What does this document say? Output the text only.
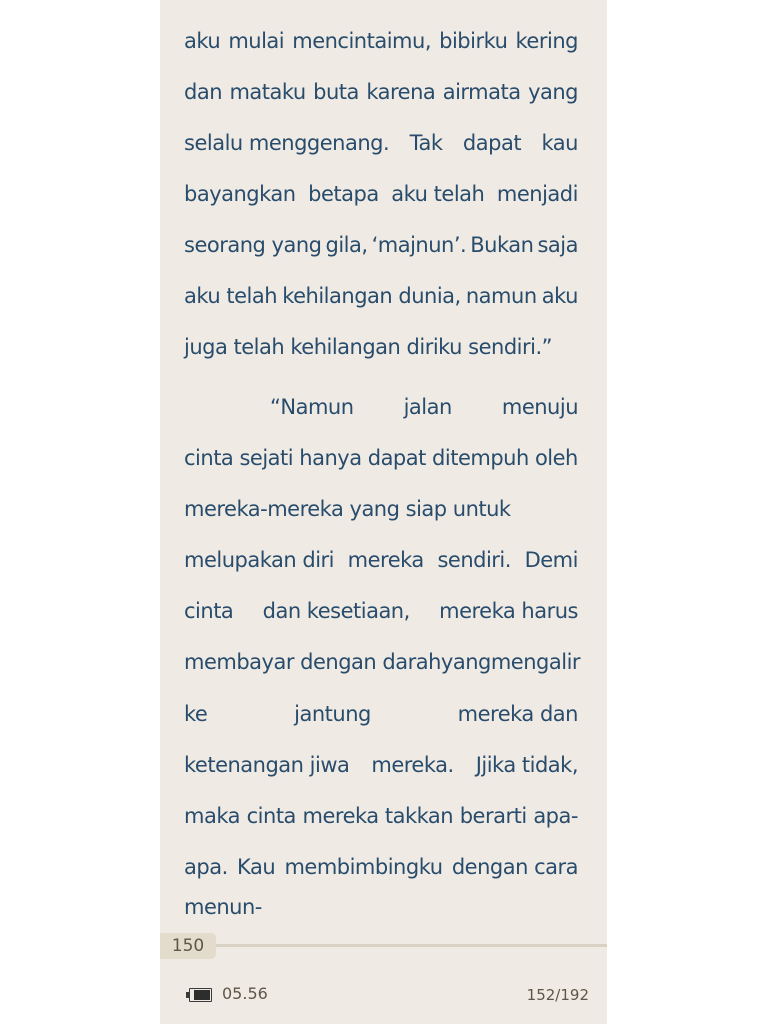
aku mulai mencintaimu, bibirku kering
dan mataku buta karena airmata yang
selalu menggenang. Tak dapat kau
bayangkan betapa aku telah menjadi
seorang yang gila, ‘majnun’. Bukan saja
aku telah kehilangan dunia, namun aku
juga telah kehilangan diriku sendiri.”
“Namun jalan menuju
cinta sejati hanya dapat ditempuh oleh
mereka-mereka yang siap untuk
melupakan diri mereka sendiri. Demi
cinta dan kesetiaan, mereka harus
membayar dengan darah yang mengalir
ke	jantung	mereka dan
ketenangan jiwa mereka. Jjika tidak,
maka cinta mereka takkan berarti apa-
apa. Kau membimbingku dengan cara
menun-
150
05.56	152/192
